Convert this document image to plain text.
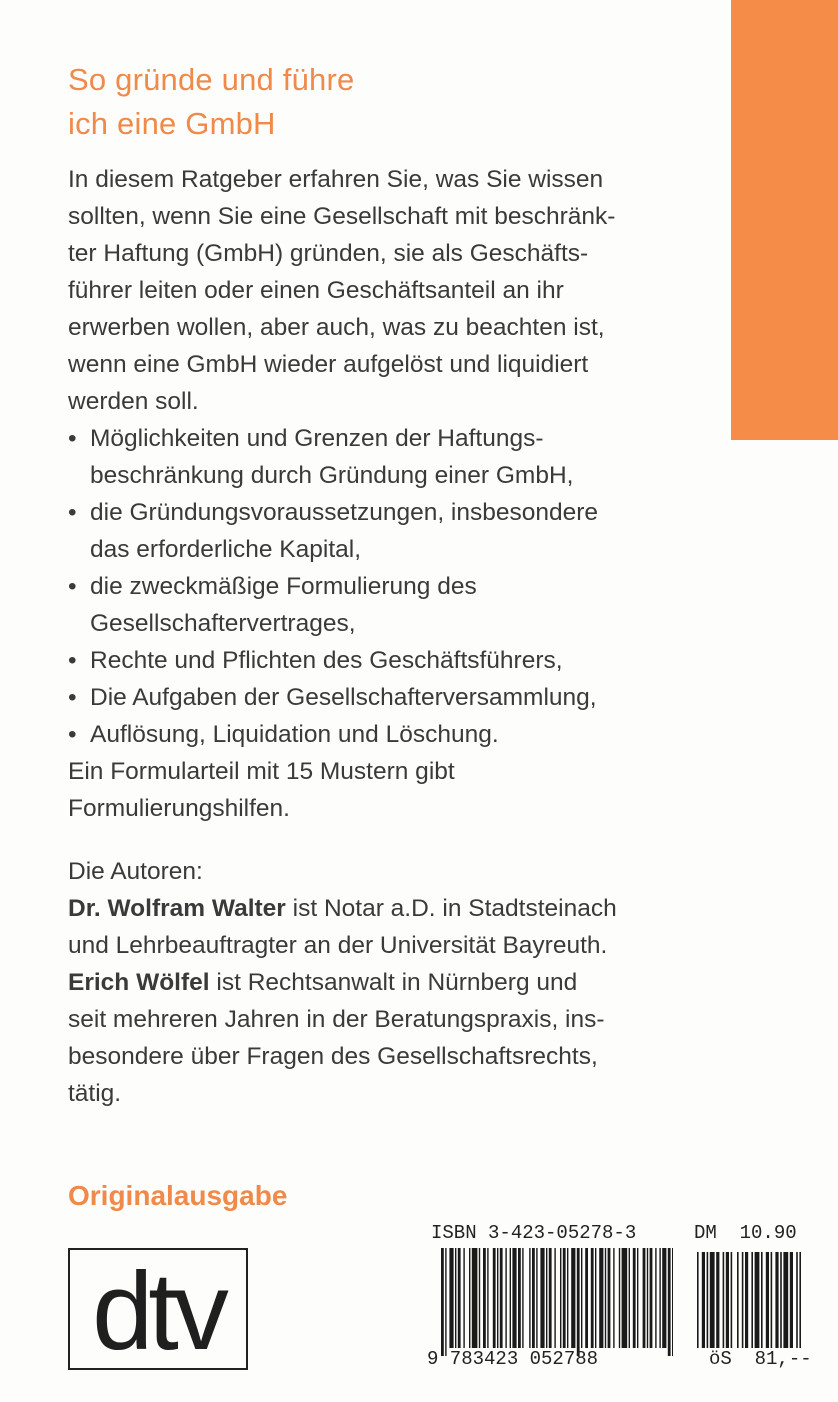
So gründe und führe
ich eine GmbH
In diesem Ratgeber erfahren Sie, was Sie wissen
sollten, wenn Sie eine Gesellschaft mit beschränk-
ter Haftung (GmbH) gründen, sie als Geschäfts-
führer leiten oder einen Geschäftsanteil an ihr
erwerben wollen, aber auch, was zu beachten ist,
wenn eine GmbH wieder aufgelöst und liquidiert
werden soll.
• Möglichkeiten und Grenzen der Haftungs-
beschränkung durch Gründung einer GmbH,
• die Gründungsvoraussetzungen, insbesondere
das erforderliche Kapital,
• die zweckmäßige Formulierung des
Gesellschaftervertrages,
• Rechte und Pflichten des Geschäftsführers,
• Die Aufgaben der Gesellschafterversammlung,
• Auflösung, Liquidation und Löschung.
Ein Formularteil mit 15 Mustern gibt
Formulierungshilfen.
Die Autoren:
Dr. Wolfram Walter ist Notar a.D. in Stadtsteinach
und Lehrbeauftragter an der Universität Bayreuth.
Erich Wölfel ist Rechtsanwalt in Nürnberg und
seit mehreren Jahren in der Beratungspraxis, ins-
besondere über Fragen des Gesellschaftsrechts,
tätig.
Originalausgabe
dtv
ISBN 3-423-05278-3	DM  10.90
9 783423 052788	öS  81,--
